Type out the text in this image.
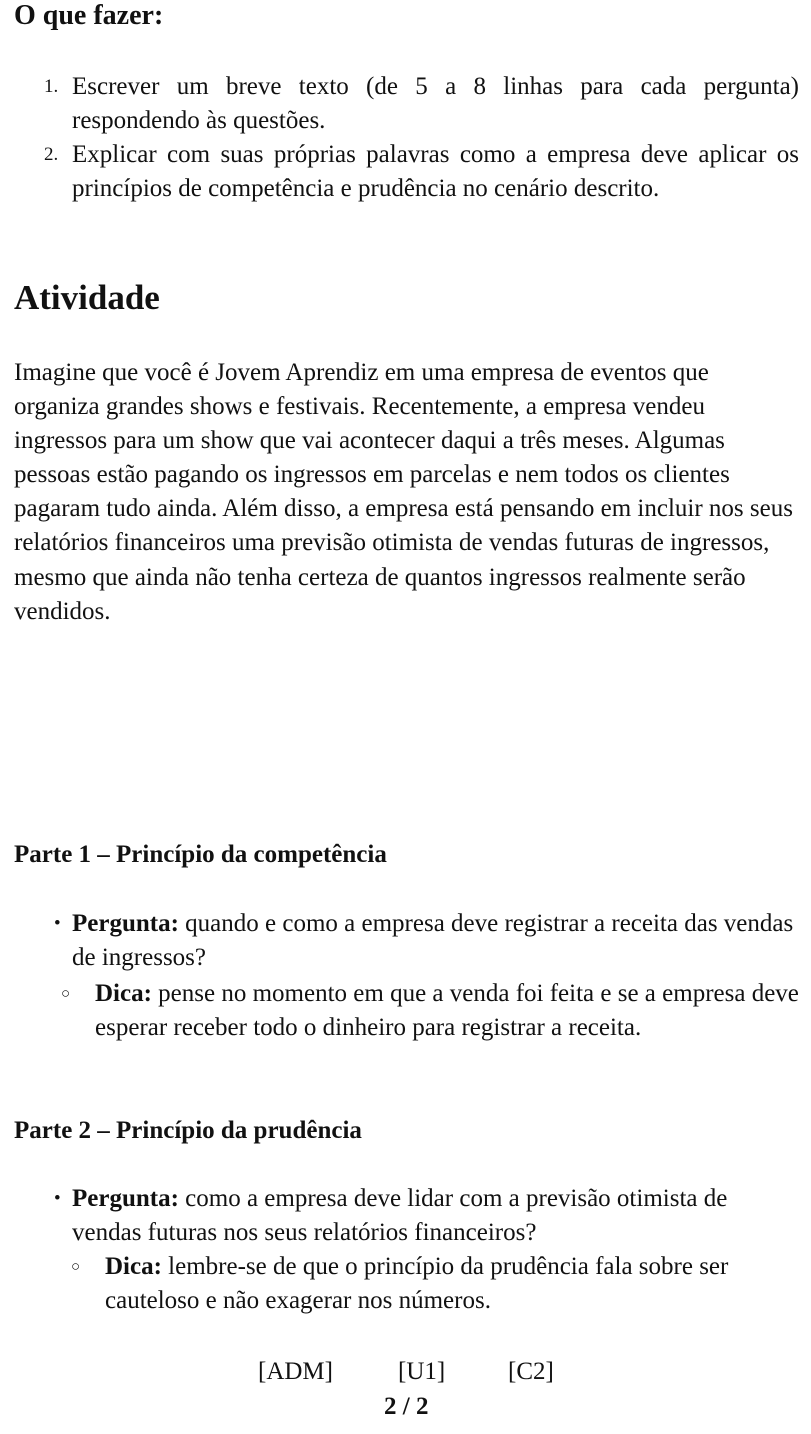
O que fazer:
1. Escrever um breve texto (de 5 a 8 linhas para cada pergunta) respondendo às questões.
2. Explicar com suas próprias palavras como a empresa deve aplicar os princípios de competência e prudência no cenário descrito.
Atividade

Imagine que você é Jovem Aprendiz em uma empresa de eventos que organiza grandes shows e festivais. Recentemente, a empresa vendeu ingressos para um show que vai acontecer daqui a três meses. Algumas pessoas estão pagando os ingressos em parcelas e nem todos os clientes pagaram tudo ainda. Além disso, a empresa está pensando em incluir nos seus relatórios financeiros uma previsão otimista de vendas futuras de ingressos, mesmo que ainda não tenha certeza de quantos ingressos realmente serão vendidos.

Parte 1 – Princípio da competência

• Pergunta: quando e como a empresa deve registrar a receita das vendas de ingressos?

○ Dica: pense no momento em que a venda foi feita e se a empresa deve esperar receber todo o dinheiro para registrar a receita.

Parte 2 – Princípio da prudência

• Pergunta: como a empresa deve lidar com a previsão otimista de vendas futuras nos seus relatórios financeiros?

○ Dica: lembre-se de que o princípio da prudência fala sobre ser cauteloso e não exagerar nos números.

[ADM]	[U1]	[C2]
2 / 2
